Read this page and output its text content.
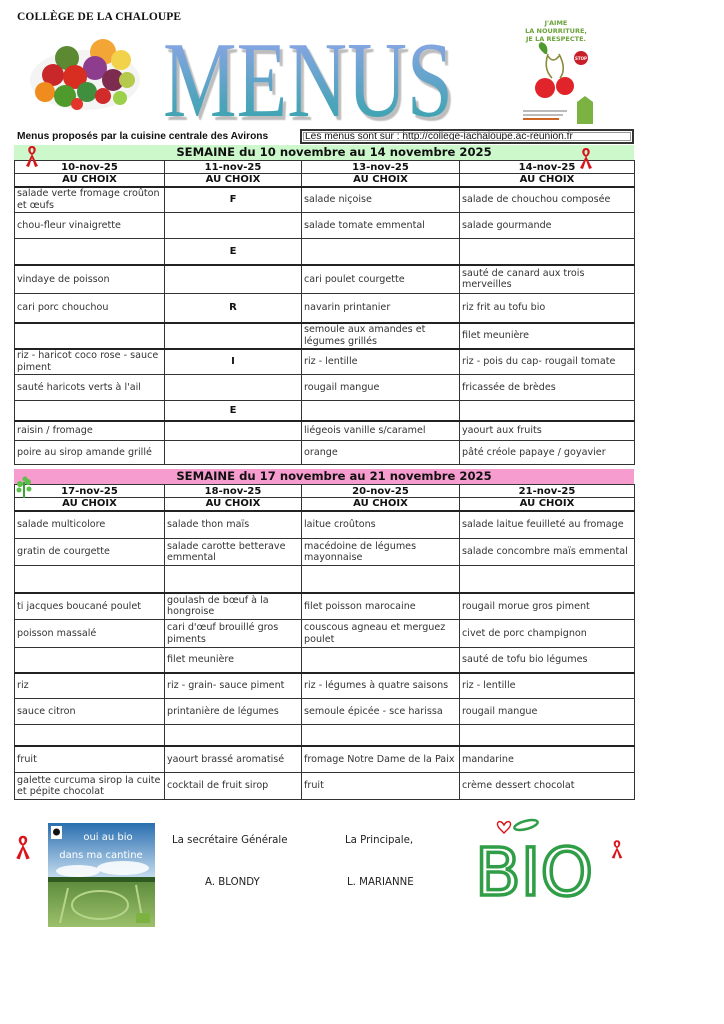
COLLÈGE DE LA CHALOUPE
MENUS	J'AIME
LA NOURRITURE,
JE LA RESPECTE.
STOP
Menus proposés par la cuisine centrale des Avirons	Les menus sont sur : http://college-lachaloupe.ac-reunion.fr
SEMAINE du 10 novembre au 14 novembre 2025
10-nov-25	11-nov-25	13-nov-25	14-nov-25
AU CHOIX	AU CHOIX	AU CHOIX	AU CHOIX
salade verte fromage croûton et œufs	F	salade niçoise	salade de chouchou composée
chou-fleur vinaigrette		salade tomate emmental	salade gourmande
	E		
vindaye de poisson		cari poulet courgette	sauté de canard aux trois merveilles
cari porc chouchou	R	navarin printanier	riz frit au tofu bio
		semoule aux amandes et légumes grillés	filet meunière
riz - haricot coco rose - sauce piment	I	riz - lentille	riz - pois du cap- rougail tomate
sauté haricots verts à l'ail		rougail mangue	fricassée de brèdes
	E		
raisin / fromage		liégeois vanille s/caramel	yaourt aux fruits
poire au sirop amande grillé		orange	pâté créole papaye / goyavier
SEMAINE du 17 novembre au 21 novembre 2025
17-nov-25	18-nov-25	20-nov-25	21-nov-25
AU CHOIX	AU CHOIX	AU CHOIX	AU CHOIX
salade multicolore	salade thon maïs	laitue croûtons	salade laitue feuilleté au fromage
gratin de courgette	salade carotte betterave emmental	macédoine de légumes mayonnaise	salade concombre maïs emmental

ti jacques boucané poulet	goulash de bœuf à la hongroise	filet poisson marocaine	rougail morue gros piment
poisson massalé	cari d'œuf brouillé gros piments	couscous agneau et merguez poulet	civet de porc champignon
	filet meunière		sauté de tofu bio légumes
riz	riz - grain- sauce piment	riz - légumes à quatre saisons	riz - lentille
sauce citron	printanière de légumes	semoule épicée - sce harissa	rougail mangue

fruit	yaourt brassé aromatisé	fromage Notre Dame de la Paix	mandarine
galette curcuma sirop la cuite et pépite chocolat	cocktail de fruit sirop	fruit	crème dessert chocolat
oui au bio
dans ma cantine
La secrétaire Générale
A. BLONDY
La Principale,
L. MARIANNE BIO
